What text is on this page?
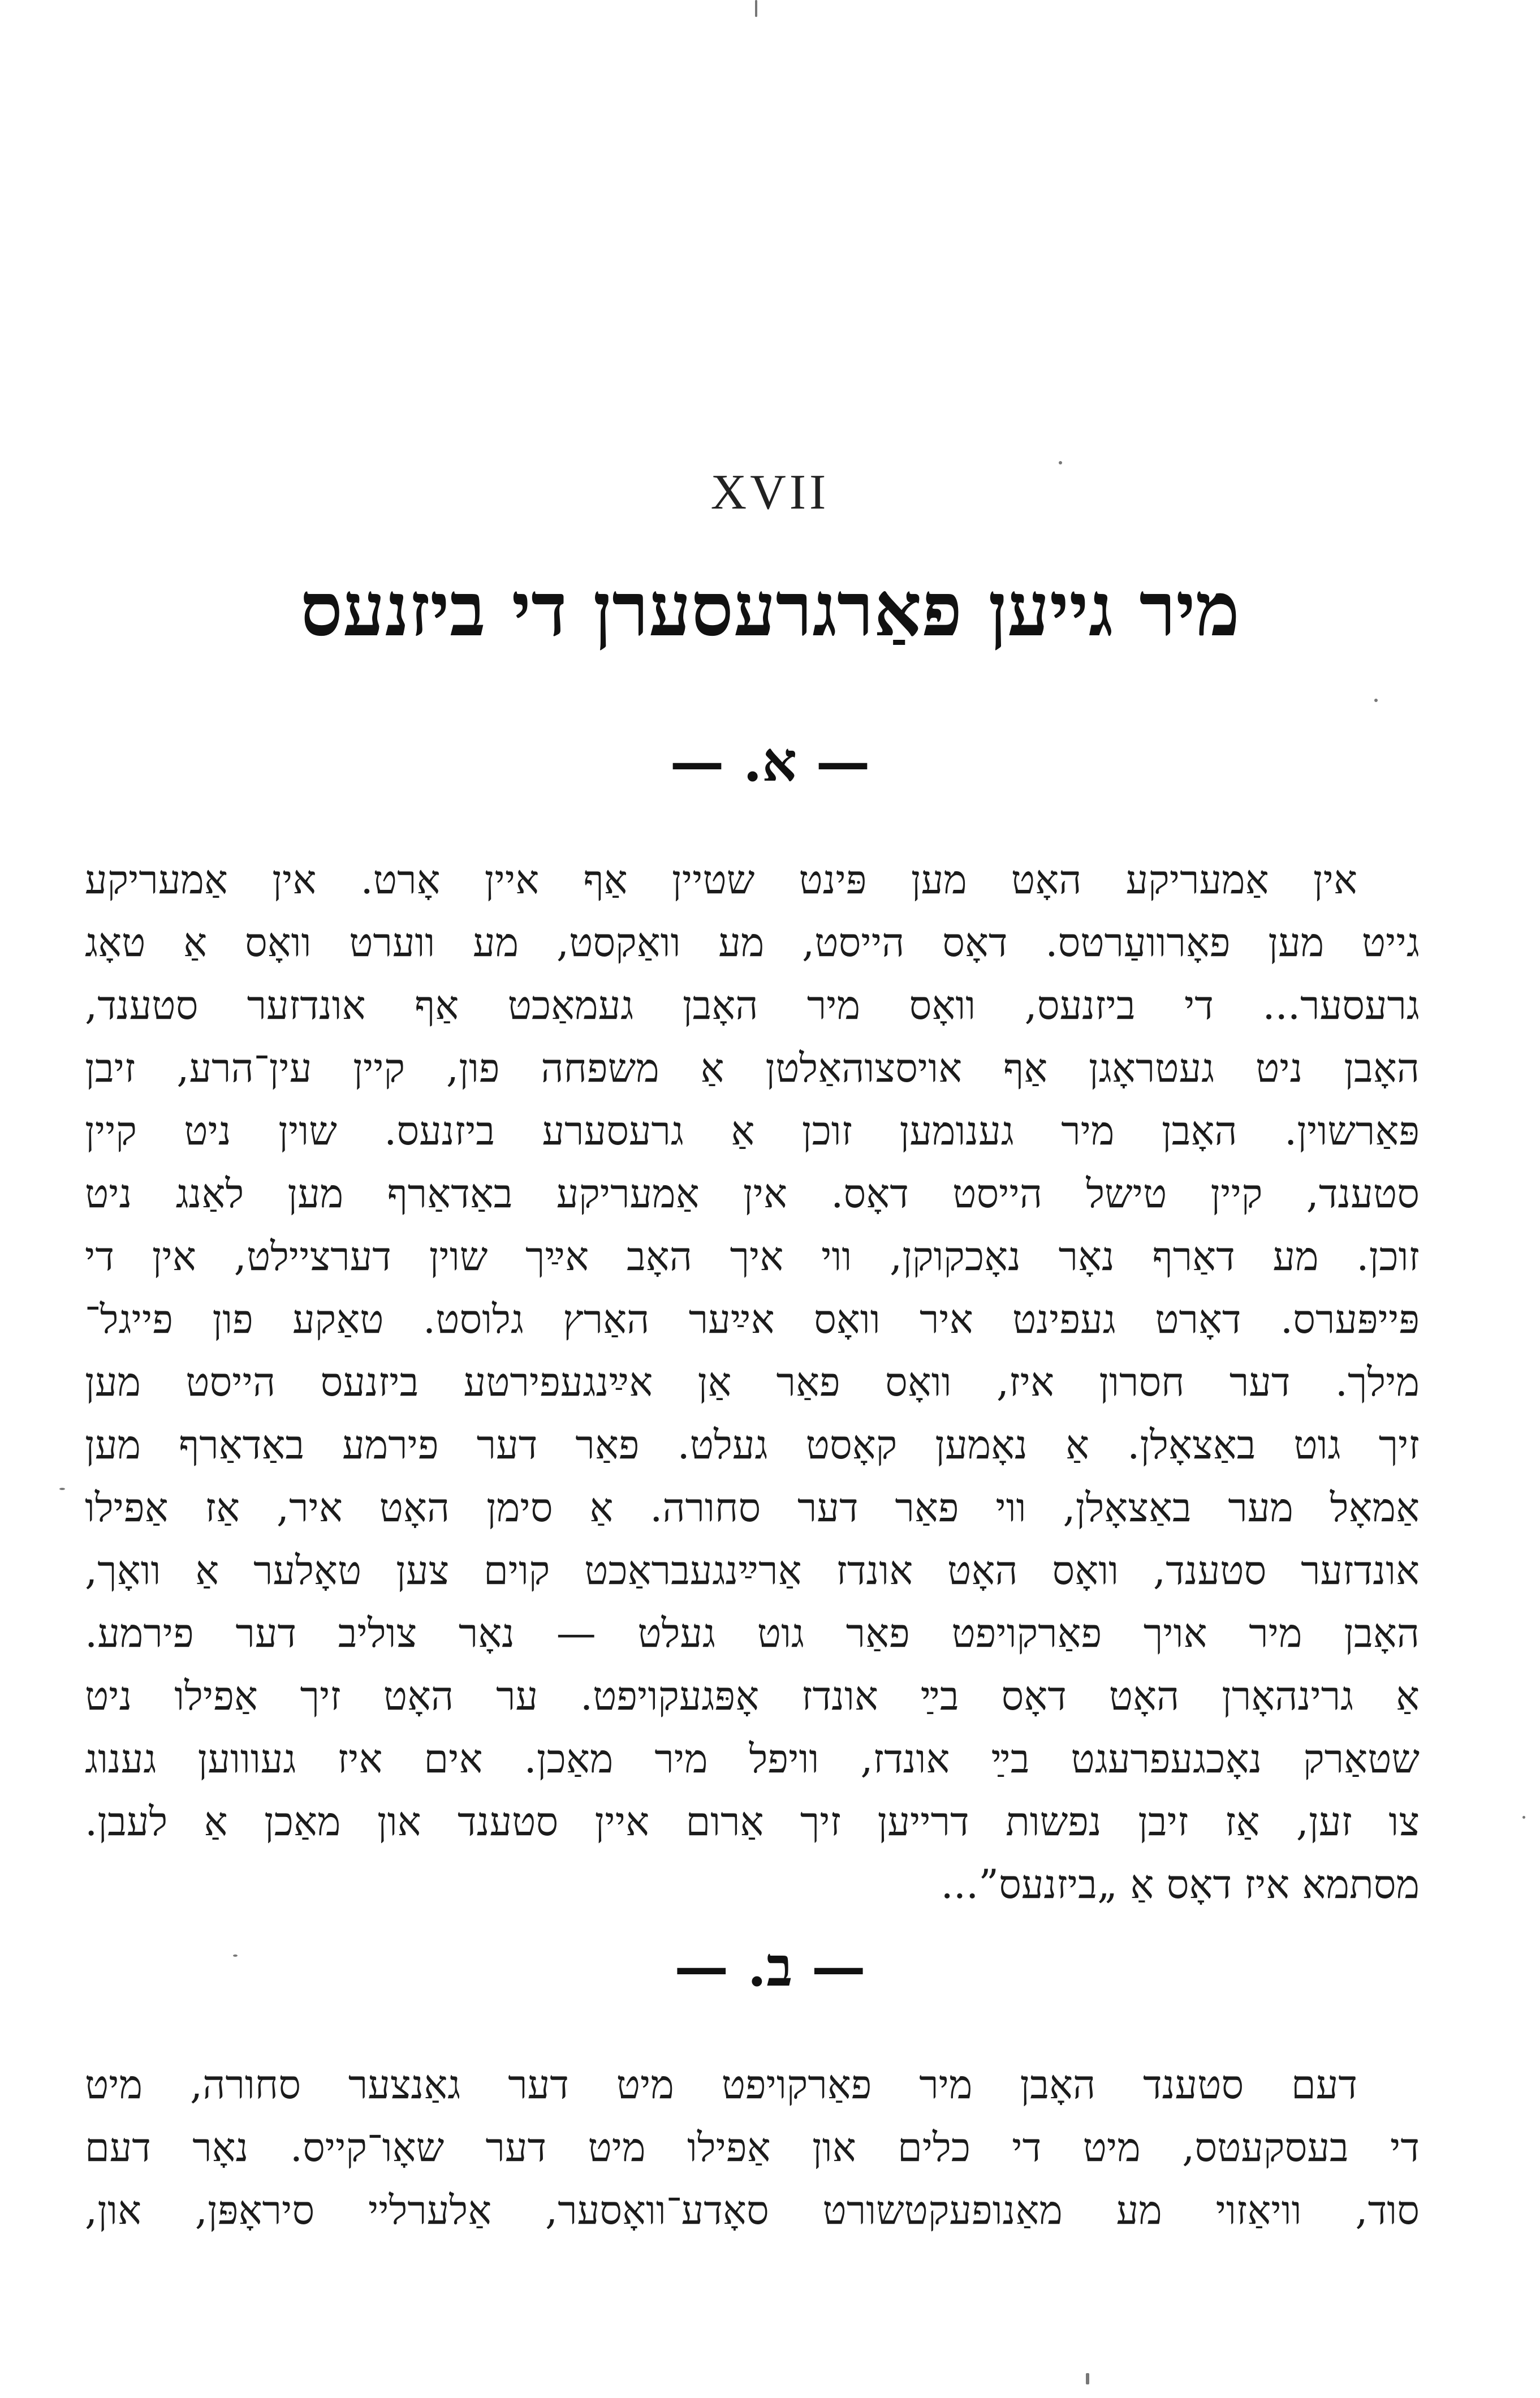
XVII
מיר גייען פאַרגרעסערן די ביזנעס
— א. —
אין אַמעריקע האָט מען פּינט שטיין אַף איין אָרט. אין אַמעריקע
גייט מען פאָרוועַרטס. דאָס הייסט, מע וואַקסט, מע ווערט וואָס אַ טאָג
גרעסער... די ביזנעס, וואָס מיר האָבן געמאַכט אַף אונדזער סטענד,
האָבן ניט געטראָגן אַף אויסצוהאַלטן אַ משפחה פון, קיין עין־הרע, זיבן
פּאַרשוין. האָבן מיר גענומען זוכן אַ גרעסערע ביזנעס. שוין ניט קיין
סטענד, קיין טישל הייסט דאָס. אין אַמעריקע באַדאַרף מען לאַנג ניט
זוכן. מע דאַרף נאָר נאָכקוקן, ווי איך האָב אײַך שוין דערציילט, אין די
פּייפּערס. דאָרט געפינט איר וואָס אײַער האַרץ גלוסט. טאַקע פון פייגל־
מילך. דער חסרון איז, וואָס פאַר אַן אײַנגעפירטע ביזנעס הייסט מען
זיך גוט באַצאָלן. אַ נאָמען קאָסט געלט. פאַר דער פירמע באַדאַרף מען
אַמאָל מער באַצאָלן, ווי פאַר דער סחורה. אַ סימן האָט איר, אַז אַפילו
אונדזער סטענד, וואָס האָט אונדז אַרײַנגעבראַכט קוים צען טאָלער אַ וואָך,
האָבן מיר אויך פאַרקויפט פאַר גוט געלט — נאָר צוליב דער פירמע.
אַ גרינהאָרן האָט דאָס בײַ אונדז אָפּגעקויפט. ער האָט זיך אַפילו ניט
שטאַרק נאָכגעפרעגט בײַ אונדז, וויפל מיר מאַכן. אים איז געוווען גענוג
צו זען, אַז זיבן נפשות דרייען זיך אַרום איין סטענד און מאַכן אַ לעבן.
מסתמא איז דאָס אַ „ביזנעס”...
— ב. —
דעם סטענד האָבן מיר פאַרקויפט מיט דער גאַנצער סחורה, מיט
די בעסקעטס, מיט די כלים און אַפילו מיט דער שאָו־קייס. נאָר דעם
סוד, וויאַזוי מע מאַנופעקטשורט סאָדע־וואָסער, אַלערליי סיראָפּן, און,
